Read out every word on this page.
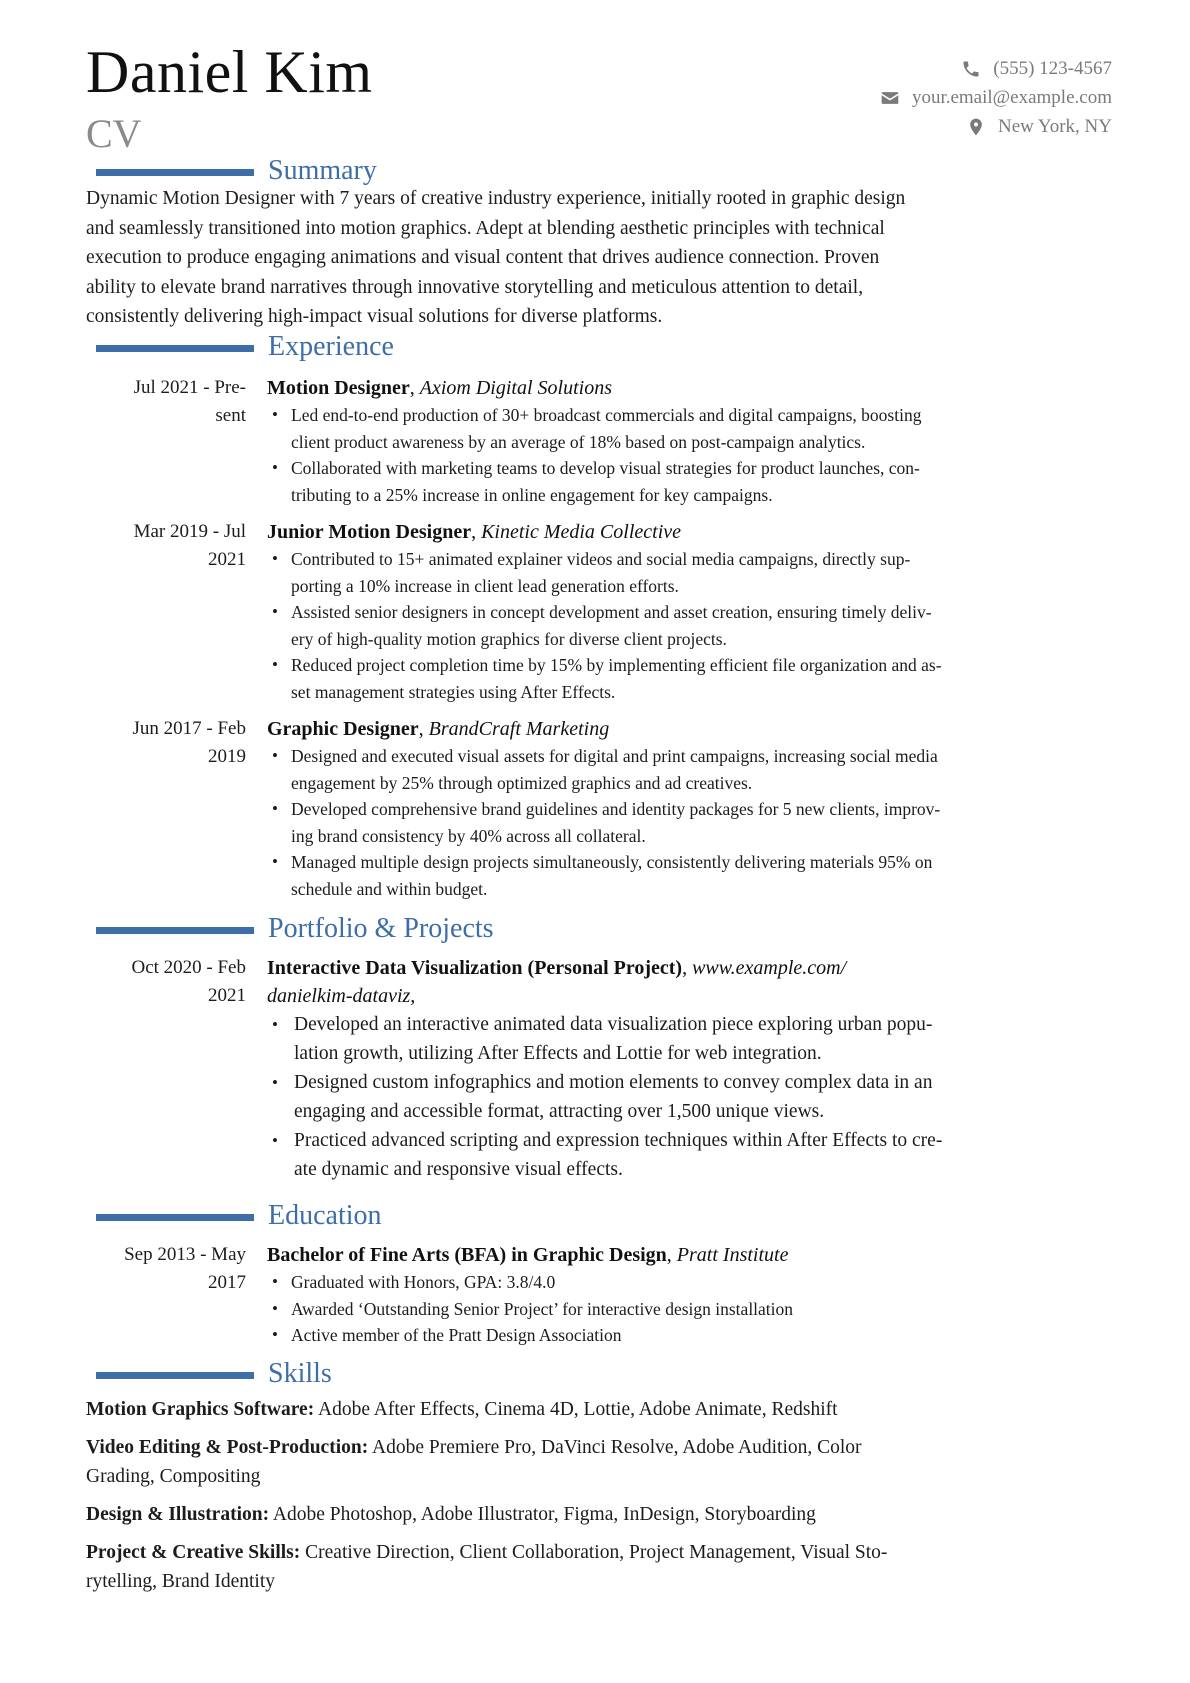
Daniel Kim
CV
(555) 123-4567
your.email@example.com
New York, NY
Summary
Dynamic Motion Designer with 7 years of creative industry experience, initially rooted in graphic design
and seamlessly transitioned into motion graphics. Adept at blending aesthetic principles with technical
execution to produce engaging animations and visual content that drives audience connection. Proven
ability to elevate brand narratives through innovative storytelling and meticulous attention to detail,
consistently delivering high-impact visual solutions for diverse platforms.
Experience
Jul 2021 - Pre-
sent
Motion Designer, Axiom Digital Solutions
• Led end-to-end production of 30+ broadcast commercials and digital campaigns, boosting
client product awareness by an average of 18% based on post-campaign analytics.
• Collaborated with marketing teams to develop visual strategies for product launches, con-
tributing to a 25% increase in online engagement for key campaigns.
Mar 2019 - Jul
2021
Junior Motion Designer, Kinetic Media Collective
• Contributed to 15+ animated explainer videos and social media campaigns, directly sup-
porting a 10% increase in client lead generation efforts.
• Assisted senior designers in concept development and asset creation, ensuring timely deliv-
ery of high-quality motion graphics for diverse client projects.
• Reduced project completion time by 15% by implementing efficient file organization and as-
set management strategies using After Effects.
Jun 2017 - Feb
2019
Graphic Designer, BrandCraft Marketing
• Designed and executed visual assets for digital and print campaigns, increasing social media
engagement by 25% through optimized graphics and ad creatives.
• Developed comprehensive brand guidelines and identity packages for 5 new clients, improv-
ing brand consistency by 40% across all collateral.
• Managed multiple design projects simultaneously, consistently delivering materials 95% on
schedule and within budget.
Portfolio & Projects
Oct 2020 - Feb
2021
Interactive Data Visualization (Personal Project), www.example.com/
danielkim-dataviz,
• Developed an interactive animated data visualization piece exploring urban popu-
lation growth, utilizing After Effects and Lottie for web integration.
• Designed custom infographics and motion elements to convey complex data in an
engaging and accessible format, attracting over 1,500 unique views.
• Practiced advanced scripting and expression techniques within After Effects to cre-
ate dynamic and responsive visual effects.
Education
Sep 2013 - May
2017
Bachelor of Fine Arts (BFA) in Graphic Design, Pratt Institute
• Graduated with Honors, GPA: 3.8/4.0
• Awarded ‘Outstanding Senior Project’ for interactive design installation
• Active member of the Pratt Design Association
Skills
Motion Graphics Software: Adobe After Effects, Cinema 4D, Lottie, Adobe Animate, Redshift
Video Editing & Post-Production: Adobe Premiere Pro, DaVinci Resolve, Adobe Audition, Color
Grading, Compositing
Design & Illustration: Adobe Photoshop, Adobe Illustrator, Figma, InDesign, Storyboarding
Project & Creative Skills: Creative Direction, Client Collaboration, Project Management, Visual Sto-
rytelling, Brand Identity
